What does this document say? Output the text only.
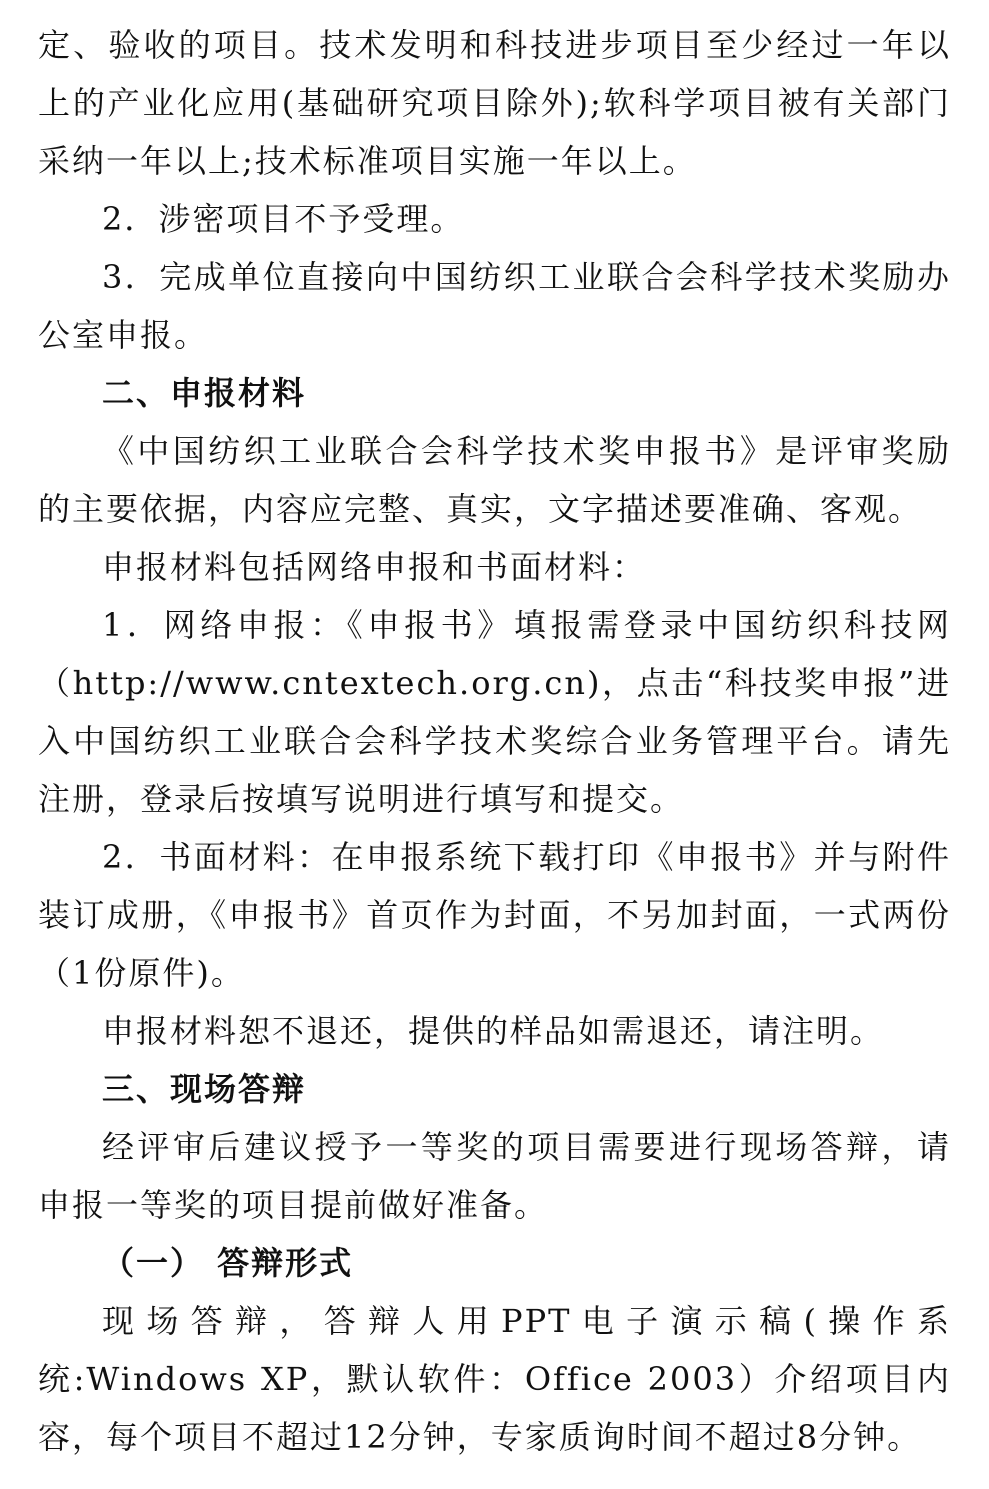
定、验收的项目。技术发明和科技进步项目至少经过一年以上的产业化应用(基础研究项目除外);软科学项目被有关部门采纳一年以上;技术标准项目实施一年以上。

2．涉密项目不予受理。

3．完成单位直接向中国纺织工业联合会科学技术奖励办公室申报。

二、申报材料

《中国纺织工业联合会科学技术奖申报书》是评审奖励的主要依据，内容应完整、真实，文字描述要准确、客观。

申报材料包括网络申报和书面材料：

1．网络申报：《申报书》填报需登录中国纺织科技网（http://www.cntextech.org.cn)，点击“科技奖申报”进入中国纺织工业联合会科学技术奖综合业务管理平台。请先注册，登录后按填写说明进行填写和提交。

2．书面材料：在申报系统下载打印《申报书》并与附件装订成册，《申报书》首页作为封面，不另加封面，一式两份（1份原件)。

申报材料恕不退还，提供的样品如需退还，请注明。

三、现场答辩

经评审后建议授予一等奖的项目需要进行现场答辩，请申报一等奖的项目提前做好准备。

（一） 答辩形式

现场答辩，答辩人用PPT电子演示稿(操作系统:Windows XP，默认软件：Office 2003）介绍项目内容，每个项目不超过12分钟，专家质询时间不超过8分钟。
